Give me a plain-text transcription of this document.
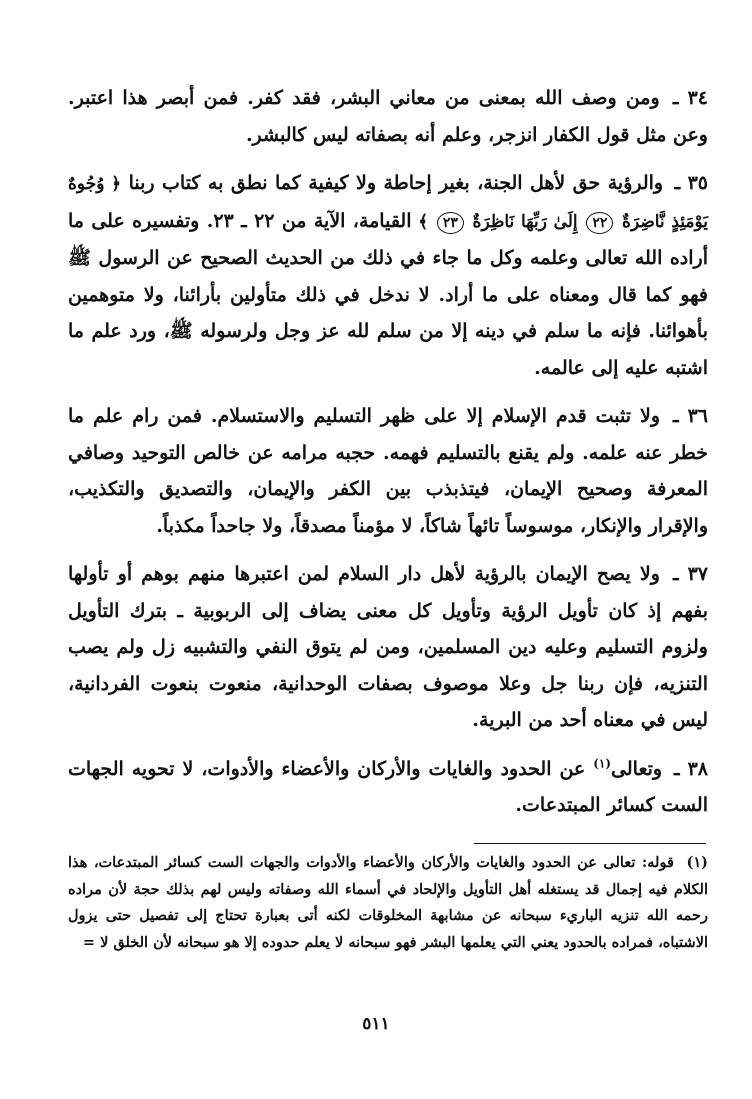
٣٤ ـ ومن وصف الله بمعنى من معاني البشر، فقد كفر. فمن أبصر هذا اعتبر. وعن مثل قول الكفار انزجر، وعلم أنه بصفاته ليس كالبشر.

٣٥ ـ والرؤية حق لأهل الجنة، بغير إحاطة ولا كيفية كما نطق به كتاب ربنا ﴿ وُجُوهٌ يَوْمَئِذٍ نَّاضِرَةٌ ٢٢ إِلَىٰ رَبِّهَا نَاظِرَةٌ ٢٣ ﴾ القيامة، الآية من ٢٢ ـ ٢٣. وتفسيره على ما أراده الله تعالى وعلمه وكل ما جاء في ذلك من الحديث الصحيح عن الرسول ﷺ فهو كما قال ومعناه على ما أراد. لا ندخل في ذلك متأولين بأرائنا، ولا متوهمين بأهوائنا. فإنه ما سلم في دينه إلا من سلم لله عز وجل ولرسوله ﷺ، ورد علم ما اشتبه عليه إلى عالمه.

٣٦ ـ ولا تثبت قدم الإسلام إلا على ظهر التسليم والاستسلام. فمن رام علم ما خطر عنه علمه. ولم يقنع بالتسليم فهمه. حجبه مرامه عن خالص التوحيد وصافي المعرفة وصحيح الإيمان، فيتذبذب بين الكفر والإيمان، والتصديق والتكذيب، والإقرار والإنكار، موسوساً تائهاً شاكاً، لا مؤمناً مصدقاً، ولا جاحداً مكذباً.

٣٧ ـ ولا يصح الإيمان بالرؤية لأهل دار السلام لمن اعتبرها منهم بوهم أو تأولها بفهم إذ كان تأويل الرؤية وتأويل كل معنى يضاف إلى الربوبية ـ بترك التأويل ولزوم التسليم وعليه دين المسلمين، ومن لم يتوق النفي والتشبيه زل ولم يصب التنزيه، فإن ربنا جل وعلا موصوف بصفات الوحدانية، منعوت بنعوت الفردانية، ليس في معناه أحد من البرية.

٣٨ ـ وتعالى$^{(١)}$ عن الحدود والغايات والأركان والأعضاء والأدوات، لا تحويه الجهات الست كسائر المبتدعات.

(١) قوله: تعالى عن الحدود والغايات والأركان والأعضاء والأدوات والجهات الست كسائر المبتدعات، هذا الكلام فيه إجمال قد يستغله أهل التأويل والإلحاد في أسماء الله وصفاته وليس لهم بذلك حجة لأن مراده رحمه الله تنزيه الباريء سبحانه عن مشابهة المخلوقات لكنه أتى بعبارة تحتاج إلى تفصيل حتى يزول الاشتباه، فمراده بالحدود يعني التي يعلمها البشر فهو سبحانه لا يعلم حدوده إلا هو سبحانه لأن الخلق لا =
٥١١
